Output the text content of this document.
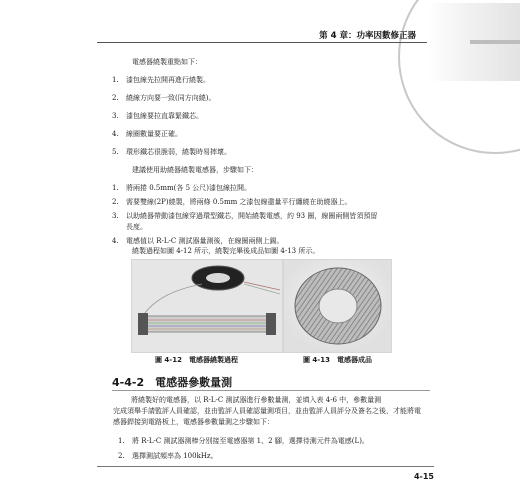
第 4 章：功率因數修正器
電感器繞製重點如下：
1. 漆包線先拉開再進行繞製。
2. 繞線方向要一致(同方向繞)。
3. 漆包線要拉直靠緊鐵芯。
4. 線圈數量要正確。
5. 環形鐵芯很脆弱，繞製時易摔壞。
建議使用助繞器繞製電感器，步驟如下：
1. 將兩捲 0.5mm(各 5 公尺)漆包線拉開。
2. 需要雙線(2P)繞製，將兩條 0.5mm 之漆包線盡量平行纏繞在助繞器上。
3. 以助繞器帶動漆包線穿過環型鐵芯，開始繞製電感，約 93 圈，線圈兩側皆須預留
長度。
4. 電感值以 R-L-C 測試器量測後，在線圈兩側上錫。
繞製過程如圖 4-12 所示，繞製完畢後成品如圖 4-13 所示。
圖 4-12　電感器繞製過程	圖 4-13　電感器成品
4-4-2　電感器參數量測
將繞製好的電感器，以 R-L-C 測試器進行參數量測，並填入表 4-6 中，參數量測
完成須舉手請監評人員確認，並由監評人員確認量測項目，並由監評人員評分及簽名之後，才能將電
感器銲接到電路板上，電感器參數量測之步驟如下：
1. 將 R-L-C 測試器測棒分別接至電感器第 1、2 腳，選擇待測元件為電感(L)。
2. 選擇測試頻率為 100kHz。
4-15
